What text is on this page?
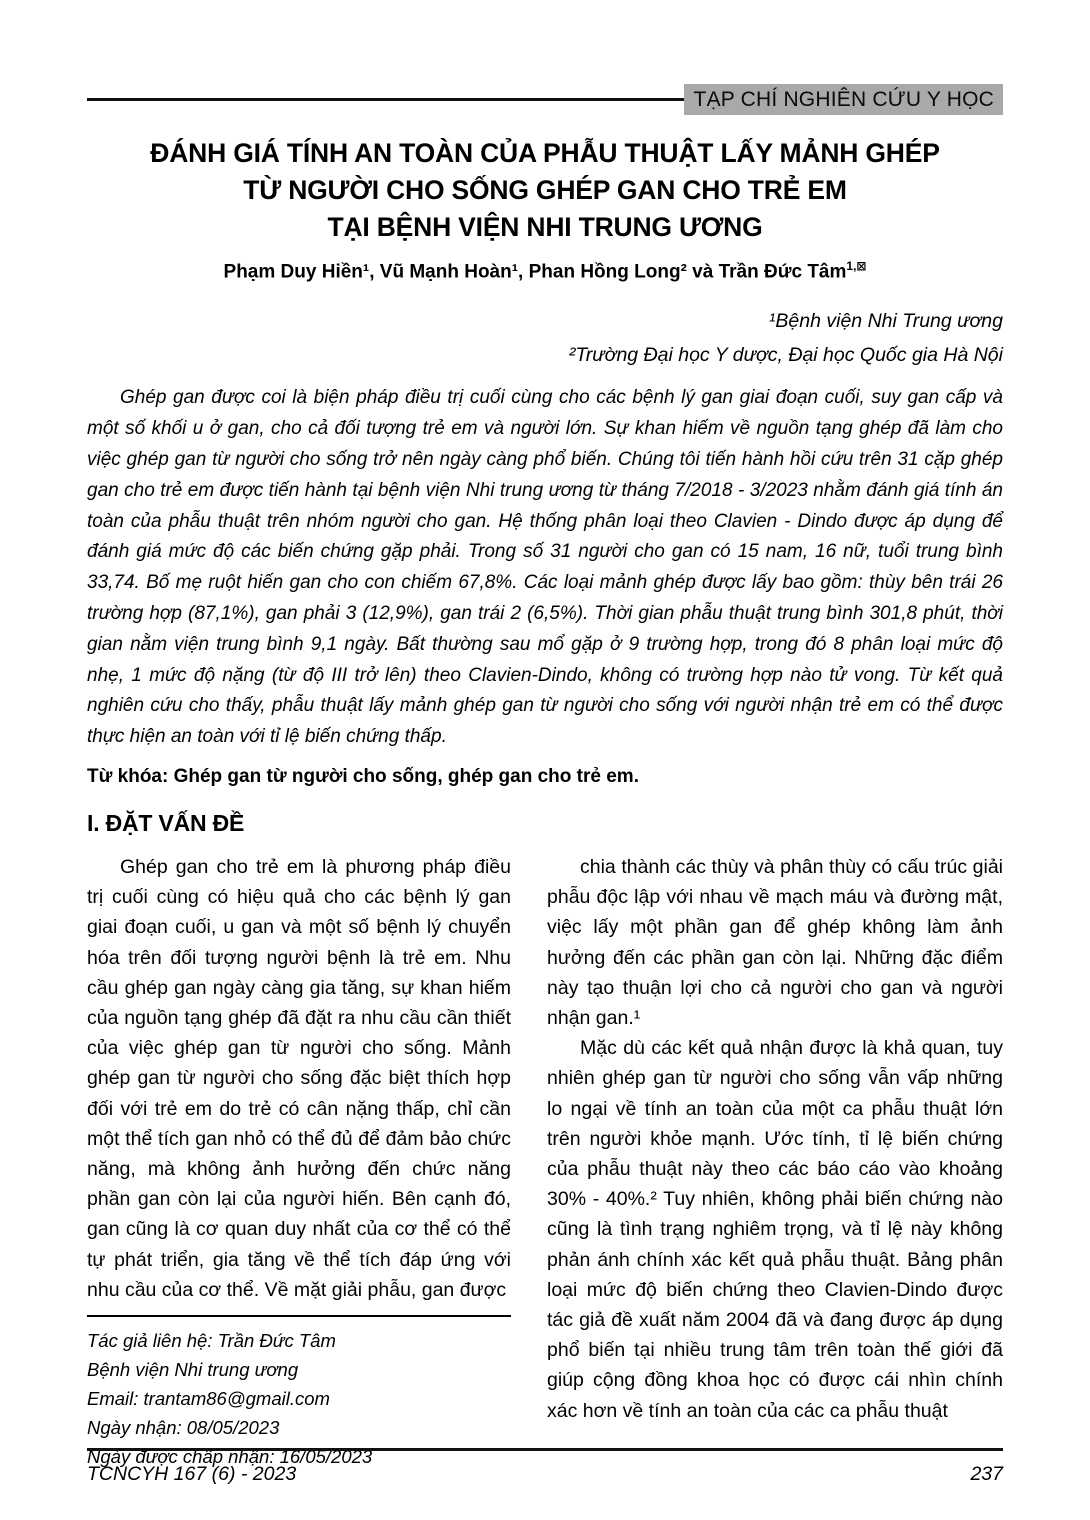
TẠP CHÍ NGHIÊN CỨU Y HỌC
ĐÁNH GIÁ TÍNH AN TOÀN CỦA PHẪU THUẬT LẤY MẢNH GHÉP
TỪ NGƯỜI CHO SỐNG GHÉP GAN CHO TRẺ EM
TẠI BỆNH VIỆN NHI TRUNG ƯƠNG
Phạm Duy Hiền¹, Vũ Mạnh Hoàn¹, Phan Hồng Long² và Trần Đức Tâm$^{1,⊠}$
¹Bệnh viện Nhi Trung ương
²Trường Đại học Y dược, Đại học Quốc gia Hà Nội

Ghép gan được coi là biện pháp điều trị cuối cùng cho các bệnh lý gan giai đoạn cuối, suy gan cấp và một số khối u ở gan, cho cả đối tượng trẻ em và người lớn. Sự khan hiếm về nguồn tạng ghép đã làm cho việc ghép gan từ người cho sống trở nên ngày càng phổ biến. Chúng tôi tiến hành hồi cứu trên 31 cặp ghép gan cho trẻ em được tiến hành tại bệnh viện Nhi trung ương từ tháng 7/2018 - 3/2023 nhằm đánh giá tính án toàn của phẫu thuật trên nhóm người cho gan. Hệ thống phân loại theo Clavien - Dindo được áp dụng để đánh giá mức độ các biến chứng gặp phải. Trong số 31 người cho gan có 15 nam, 16 nữ, tuổi trung bình 33,74. Bố mẹ ruột hiến gan cho con chiếm 67,8%. Các loại mảnh ghép được lấy bao gồm: thùy bên trái 26 trường hợp (87,1%), gan phải 3 (12,9%), gan trái 2 (6,5%). Thời gian phẫu thuật trung bình 301,8 phút, thời gian nằm viện trung bình 9,1 ngày. Bất thường sau mổ gặp ở 9 trường hợp, trong đó 8 phân loại mức độ nhẹ, 1 mức độ nặng (từ độ III trở lên) theo Clavien-Dindo, không có trường hợp nào tử vong. Từ kết quả nghiên cứu cho thấy, phẫu thuật lấy mảnh ghép gan từ người cho sống với người nhận trẻ em có thể được thực hiện an toàn với tỉ lệ biến chứng thấp.

Từ khóa: Ghép gan từ người cho sống, ghép gan cho trẻ em.

I. ĐẶT VẤN ĐỀ

Ghép gan cho trẻ em là phương pháp điều trị cuối cùng có hiệu quả cho các bệnh lý gan giai đoạn cuối, u gan và một số bệnh lý chuyển hóa trên đối tượng người bệnh là trẻ em. Nhu cầu ghép gan ngày càng gia tăng, sự khan hiếm của nguồn tạng ghép đã đặt ra nhu cầu cần thiết của việc ghép gan từ người cho sống. Mảnh ghép gan từ người cho sống đặc biệt thích hợp đối với trẻ em do trẻ có cân nặng thấp, chỉ cần một thể tích gan nhỏ có thể đủ để đảm bảo chức năng, mà không ảnh hưởng đến chức năng phần gan còn lại của người hiến. Bên cạnh đó, gan cũng là cơ quan duy nhất của cơ thể có thể tự phát triển, gia tăng về thể tích đáp ứng với nhu cầu của cơ thể. Về mặt giải phẫu, gan được

Tác giả liên hệ: Trần Đức Tâm
Bệnh viện Nhi trung ương
Email: trantam86@gmail.com
Ngày nhận: 08/05/2023
Ngày được chấp nhận: 16/05/2023

chia thành các thùy và phân thùy có cấu trúc giải phẫu độc lập với nhau về mạch máu và đường mật, việc lấy một phần gan để ghép không làm ảnh hưởng đến các phần gan còn lại. Những đặc điểm này tạo thuận lợi cho cả người cho gan và người nhận gan.¹

Mặc dù các kết quả nhận được là khả quan, tuy nhiên ghép gan từ người cho sống vẫn vấp những lo ngại về tính an toàn của một ca phẫu thuật lớn trên người khỏe mạnh. Ước tính, tỉ lệ biến chứng của phẫu thuật này theo các báo cáo vào khoảng 30% - 40%.² Tuy nhiên, không phải biến chứng nào cũng là tình trạng nghiêm trọng, và tỉ lệ này không phản ánh chính xác kết quả phẫu thuật. Bảng phân loại mức độ biến chứng theo Clavien-Dindo được tác giả đề xuất năm 2004 đã và đang được áp dụng phổ biến tại nhiều trung tâm trên toàn thế giới đã giúp cộng đồng khoa học có được cái nhìn chính xác hơn về tính an toàn của các ca phẫu thuật

TCNCYH 167 (6) - 2023	237
